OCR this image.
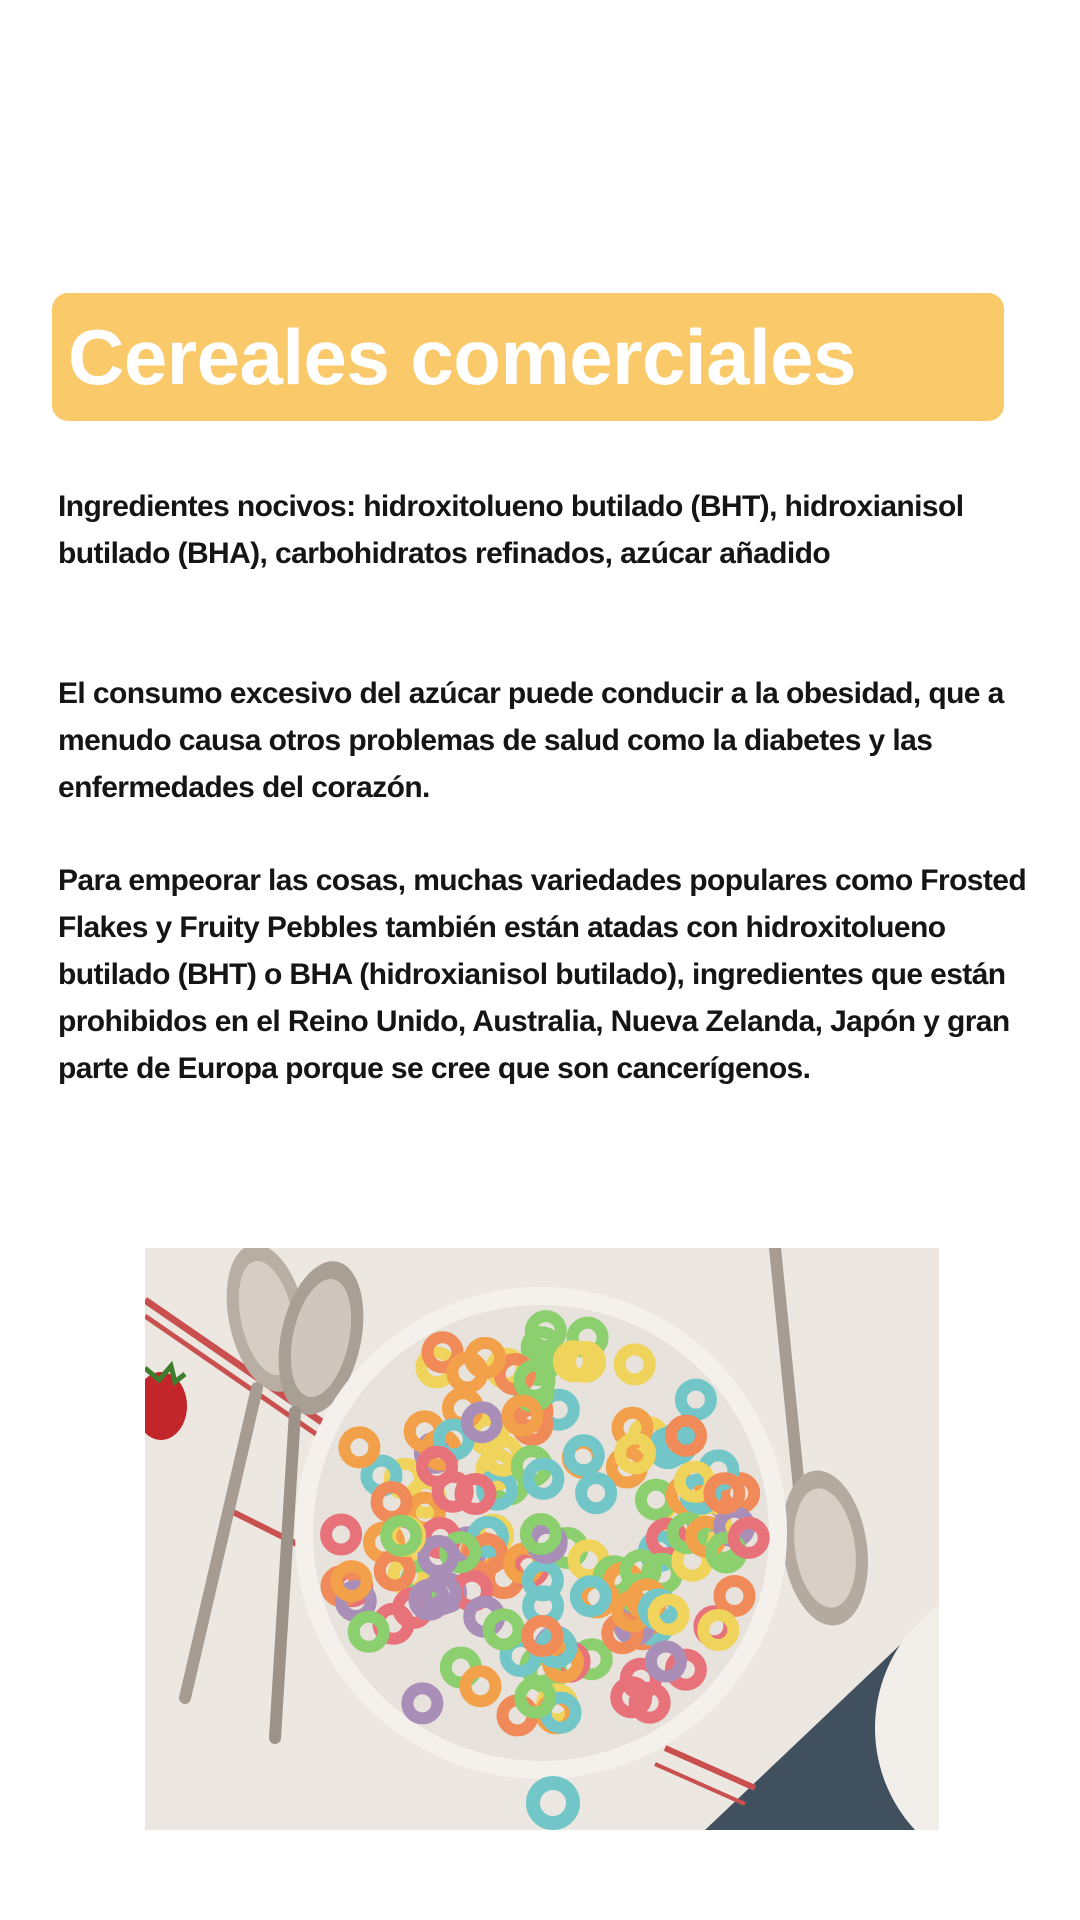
Cereales comerciales
Ingredientes nocivos: hidroxitolueno butilado (BHT), hidroxianisol butilado (BHA), carbohidratos refinados, azúcar añadido
El consumo excesivo del azúcar puede conducir a la obesidad, que a menudo causa otros problemas de salud como la diabetes y las enfermedades del corazón.
Para empeorar las cosas, muchas variedades populares como Frosted Flakes y Fruity Pebbles también están atadas con hidroxitolueno butilado (BHT) o BHA (hidroxianisol butilado), ingredientes que están prohibidos en el Reino Unido, Australia, Nueva Zelanda, Japón y gran parte de Europa porque se cree que son cancerígenos.
